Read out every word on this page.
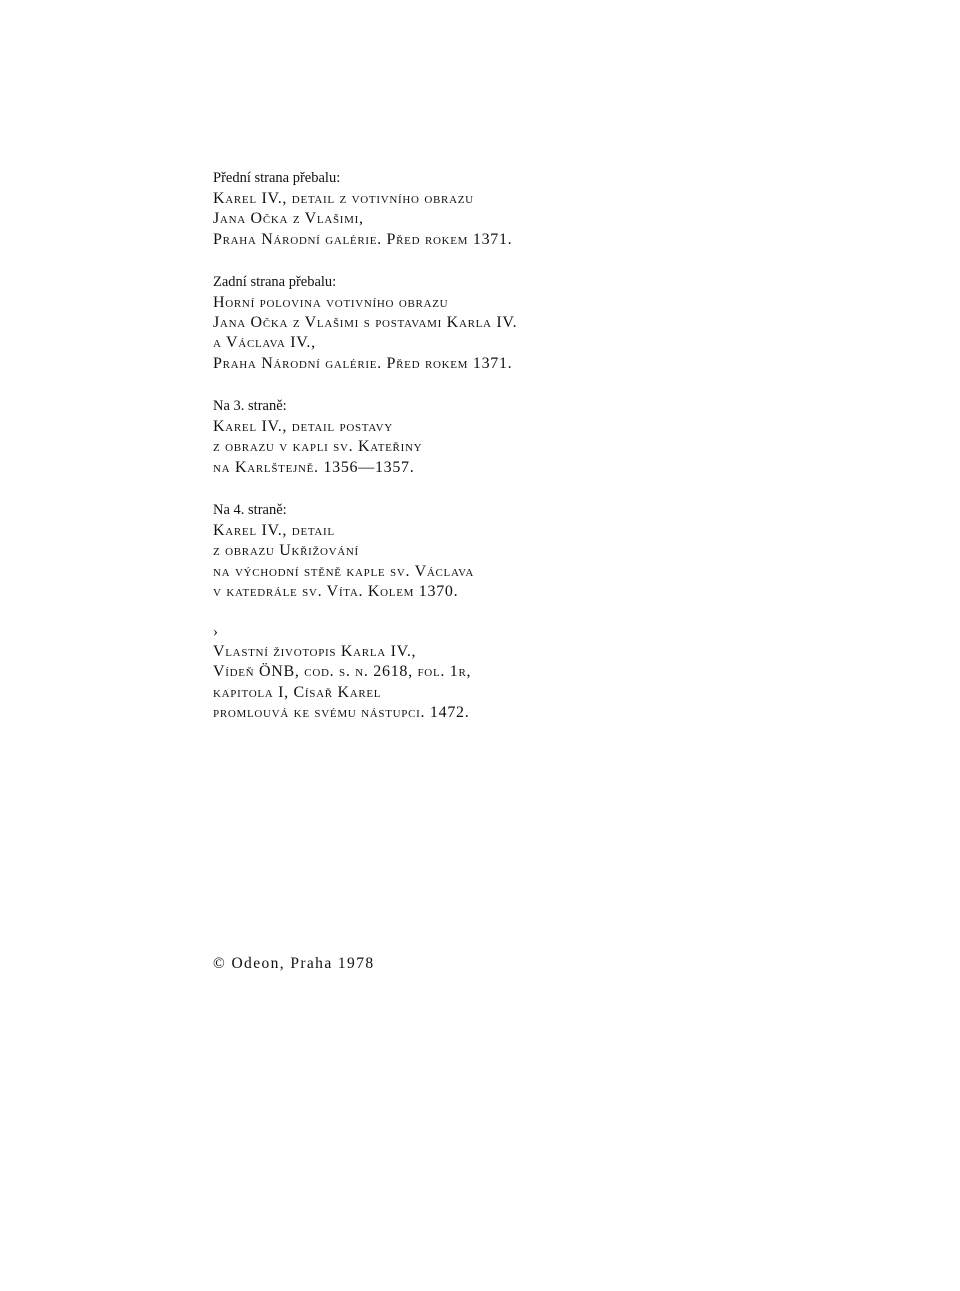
Přední strana přebalu:
Karel IV., detail z votivního obrazu
Jana Očka z Vlašimi,
Praha Národní galérie. Před rokem 1371.
Zadní strana přebalu:
Horní polovina votivního obrazu
Jana Očka z Vlašimi s postavami Karla IV.
a Václava IV.,
Praha Národní galérie. Před rokem 1371.
Na 3. straně:
Karel IV., detail postavy
z obrazu v kapli sv. Kateřiny
na Karlštejně. 1356—1357.
Na 4. straně:
Karel IV., detail
z obrazu Ukřižování
na východní stěně kaple sv. Václava
v katedrále sv. Víta. Kolem 1370.
›
Vlastní životopis Karla IV.,
Vídeň ÖNB, cod. s. n. 2618, fol. 1r,
kapitola I, Císař Karel
promlouvá ke svému nástupci. 1472.
© Odeon, Praha 1978
